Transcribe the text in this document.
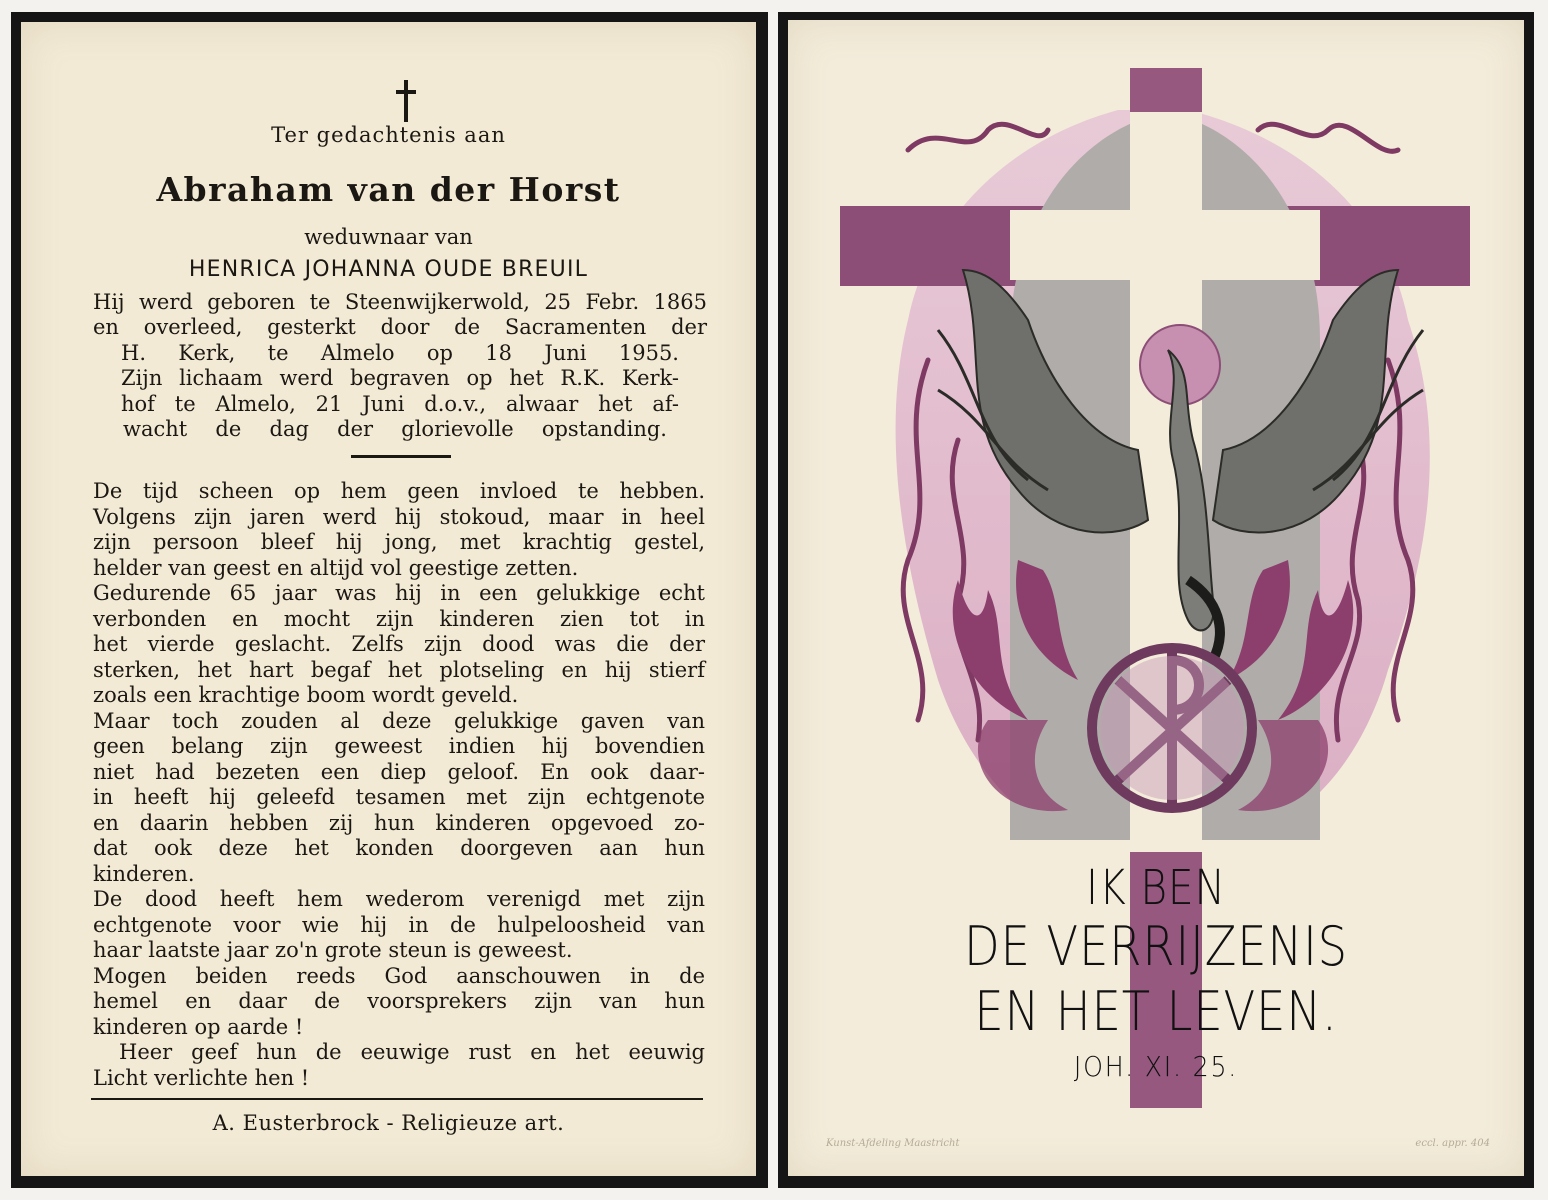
Ter gedachtenis aan
Abraham van der Horst
weduwnaar van
HENRICA JOHANNA OUDE BREUIL
Hij werd geboren te Steenwijkerwold, 25 Febr. 1865
en overleed, gesterkt door de Sacramenten der
H. Kerk, te Almelo op 18 Juni 1955.
Zijn lichaam werd begraven op het R.K. Kerk-
hof te Almelo, 21 Juni d.o.v., alwaar het af-
wacht de dag der glorievolle opstanding.
De tijd scheen op hem geen invloed te hebben.
Volgens zijn jaren werd hij stokoud, maar in heel
zijn persoon bleef hij jong, met krachtig gestel,
helder van geest en altijd vol geestige zetten.
Gedurende 65 jaar was hij in een gelukkige echt
verbonden en mocht zijn kinderen zien tot in
het vierde geslacht. Zelfs zijn dood was die der
sterken, het hart begaf het plotseling en hij stierf
zoals een krachtige boom wordt geveld.
Maar toch zouden al deze gelukkige gaven van
geen belang zijn geweest indien hij bovendien
niet had bezeten een diep geloof. En ook daar-
in heeft hij geleefd tesamen met zijn echtgenote
en daarin hebben zij hun kinderen opgevoed zo-
dat ook deze het konden doorgeven aan hun
kinderen.
De dood heeft hem wederom verenigd met zijn
echtgenote voor wie hij in de hulpeloosheid van
haar laatste jaar zo'n grote steun is geweest.
Mogen beiden reeds God aanschouwen in de
hemel en daar de voorsprekers zijn van hun
kinderen op aarde !
Heer geef hun de eeuwige rust en het eeuwig
Licht verlichte hen !
A. Eusterbrock - Religieuze art.
IK BEN
DE VERRIJZENIS
EN HET LEVEN.
JOH. XI. 25.
Kunst-Afdeling Maastricht	eccl. appr. 404
